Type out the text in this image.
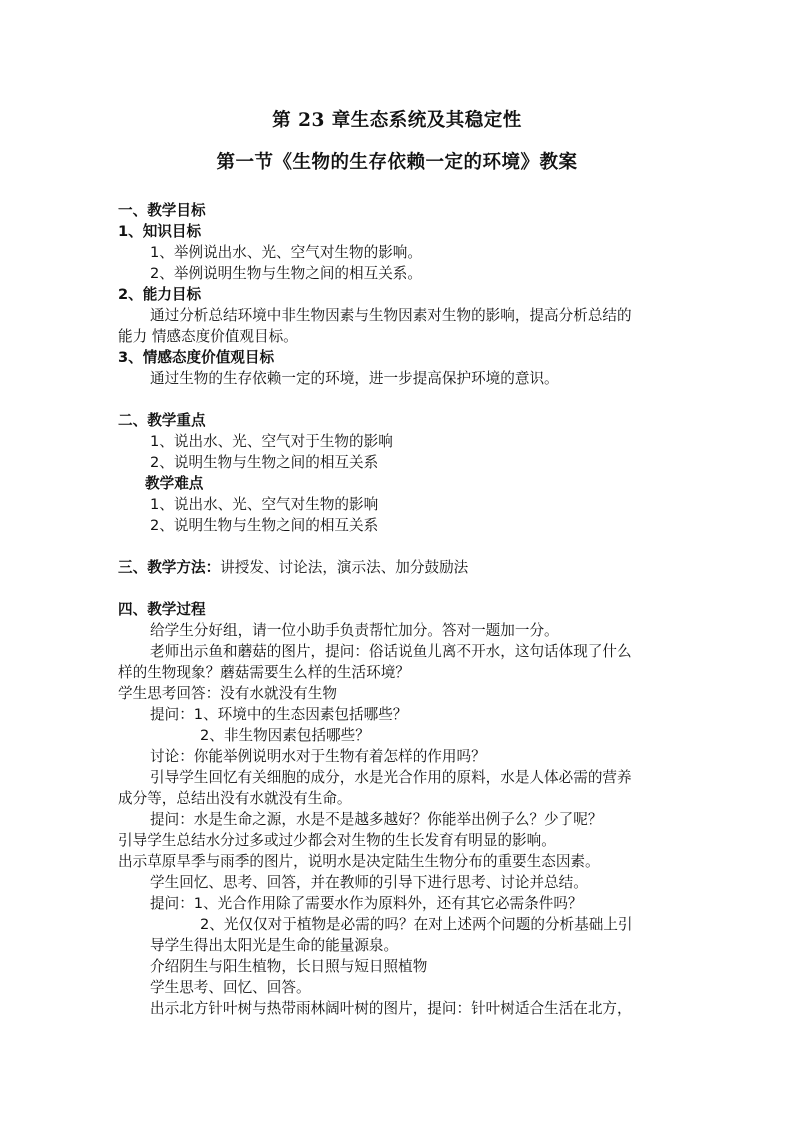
第 23 章生态系统及其稳定性
第一节《生物的生存依赖一定的环境》教案
一、教学目标
1、知识目标
1、举例说出水、光、空气对生物的影响。
2、举例说明生物与生物之间的相互关系。
2、能力目标
通过分析总结环境中非生物因素与生物因素对生物的影响，提高分析总结的
能力 情感态度价值观目标。
3、情感态度价值观目标
通过生物的生存依赖一定的环境，进一步提高保护环境的意识。
二、教学重点
1、说出水、光、空气对于生物的影响
2、说明生物与生物之间的相互关系
教学难点
1、说出水、光、空气对生物的影响
2、说明生物与生物之间的相互关系
三、教学方法：讲授发、讨论法，演示法、加分鼓励法
四、教学过程
给学生分好组，请一位小助手负责帮忙加分。答对一题加一分。
老师出示鱼和蘑菇的图片，提问：俗话说鱼儿离不开水，这句话体现了什么
样的生物现象？蘑菇需要生么样的生活环境？
学生思考回答：没有水就没有生物
提问：1、环境中的生态因素包括哪些？
2、非生物因素包括哪些？
讨论：你能举例说明水对于生物有着怎样的作用吗？
引导学生回忆有关细胞的成分，水是光合作用的原料，水是人体必需的营养
成分等，总结出没有水就没有生命。
提问：水是生命之源，水是不是越多越好？你能举出例子么？少了呢？
引导学生总结水分过多或过少都会对生物的生长发育有明显的影响。
出示草原旱季与雨季的图片，说明水是决定陆生生物分布的重要生态因素。
学生回忆、思考、回答，并在教师的引导下进行思考、讨论并总结。
提问：1、光合作用除了需要水作为原料外，还有其它必需条件吗？
2、光仅仅对于植物是必需的吗？在对上述两个问题的分析基础上引
导学生得出太阳光是生命的能量源泉。
介绍阴生与阳生植物，长日照与短日照植物
学生思考、回忆、回答。
出示北方针叶树与热带雨林阔叶树的图片，提问：针叶树适合生活在北方，
